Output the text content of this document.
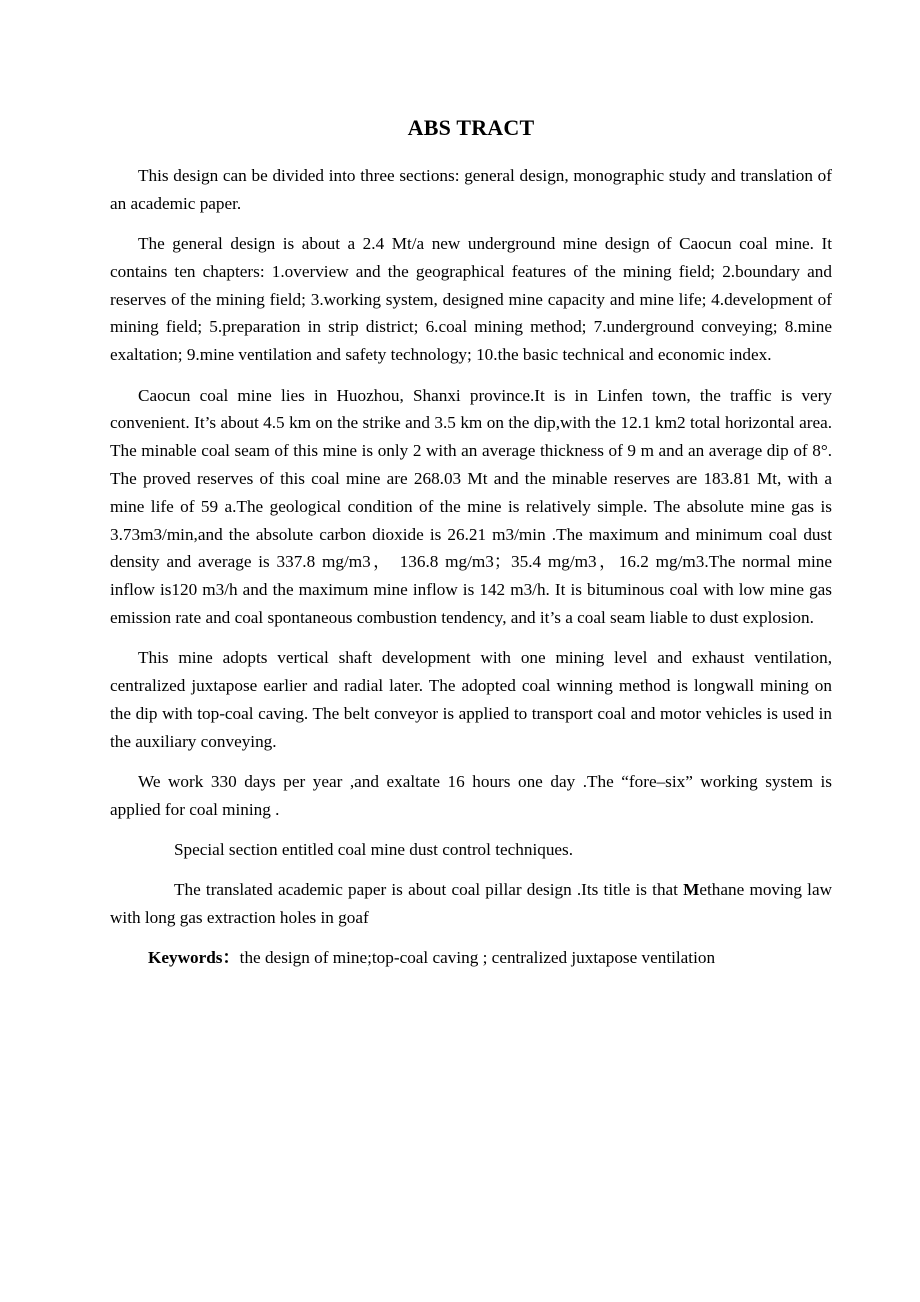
ABS TRACT

This design can be divided into three sections: general design, monographic study and translation of an academic paper.

The general design is about a 2.4 Mt/a new underground mine design of Caocun coal mine. It contains ten chapters: 1.overview and the geographical features of the mining field; 2.boundary and reserves of the mining field; 3.working system, designed mine capacity and mine life; 4.development of mining field; 5.preparation in strip district; 6.coal mining method; 7.underground conveying; 8.mine exaltation; 9.mine ventilation and safety technology; 10.the basic technical and economic index.

Caocun coal mine lies in Huozhou, Shanxi province.It is in Linfen town, the traffic is very convenient. It’s about 4.5 km on the strike and 3.5 km on the dip,with the 12.1 km2 total horizontal area. The minable coal seam of this mine is only 2 with an average thickness of 9 m and an average dip of 8°. The proved reserves of this coal mine are 268.03 Mt and the minable reserves are 183.81 Mt, with a mine life of 59 a.The geological condition of the mine is relatively simple. The absolute mine gas is 3.73m3/min,and the absolute carbon dioxide is 26.21 m3/min .The maximum and minimum coal dust density and average is 337.8 mg/m3， 136.8 mg/m3；35.4 mg/m3，16.2 mg/m3.The normal mine inflow is120 m3/h and the maximum mine inflow is 142 m3/h. It is bituminous coal with low mine gas emission rate and coal spontaneous combustion tendency, and it’s a coal seam liable to dust explosion.

This mine adopts vertical shaft development with one mining level and exhaust ventilation, centralized juxtapose earlier and radial later. The adopted coal winning method is longwall mining on the dip with top-coal caving. The belt conveyor is applied to transport coal and motor vehicles is used in the auxiliary conveying.

We work 330 days per year ,and exaltate 16 hours one day .The “fore–six” working system is applied for coal mining .

Special section entitled coal mine dust control techniques.

The translated academic paper is about coal pillar design .Its title is that Methane moving law with long gas extraction holes in goaf

Keywords：the design of mine;top-coal caving ; centralized juxtapose ventilation
